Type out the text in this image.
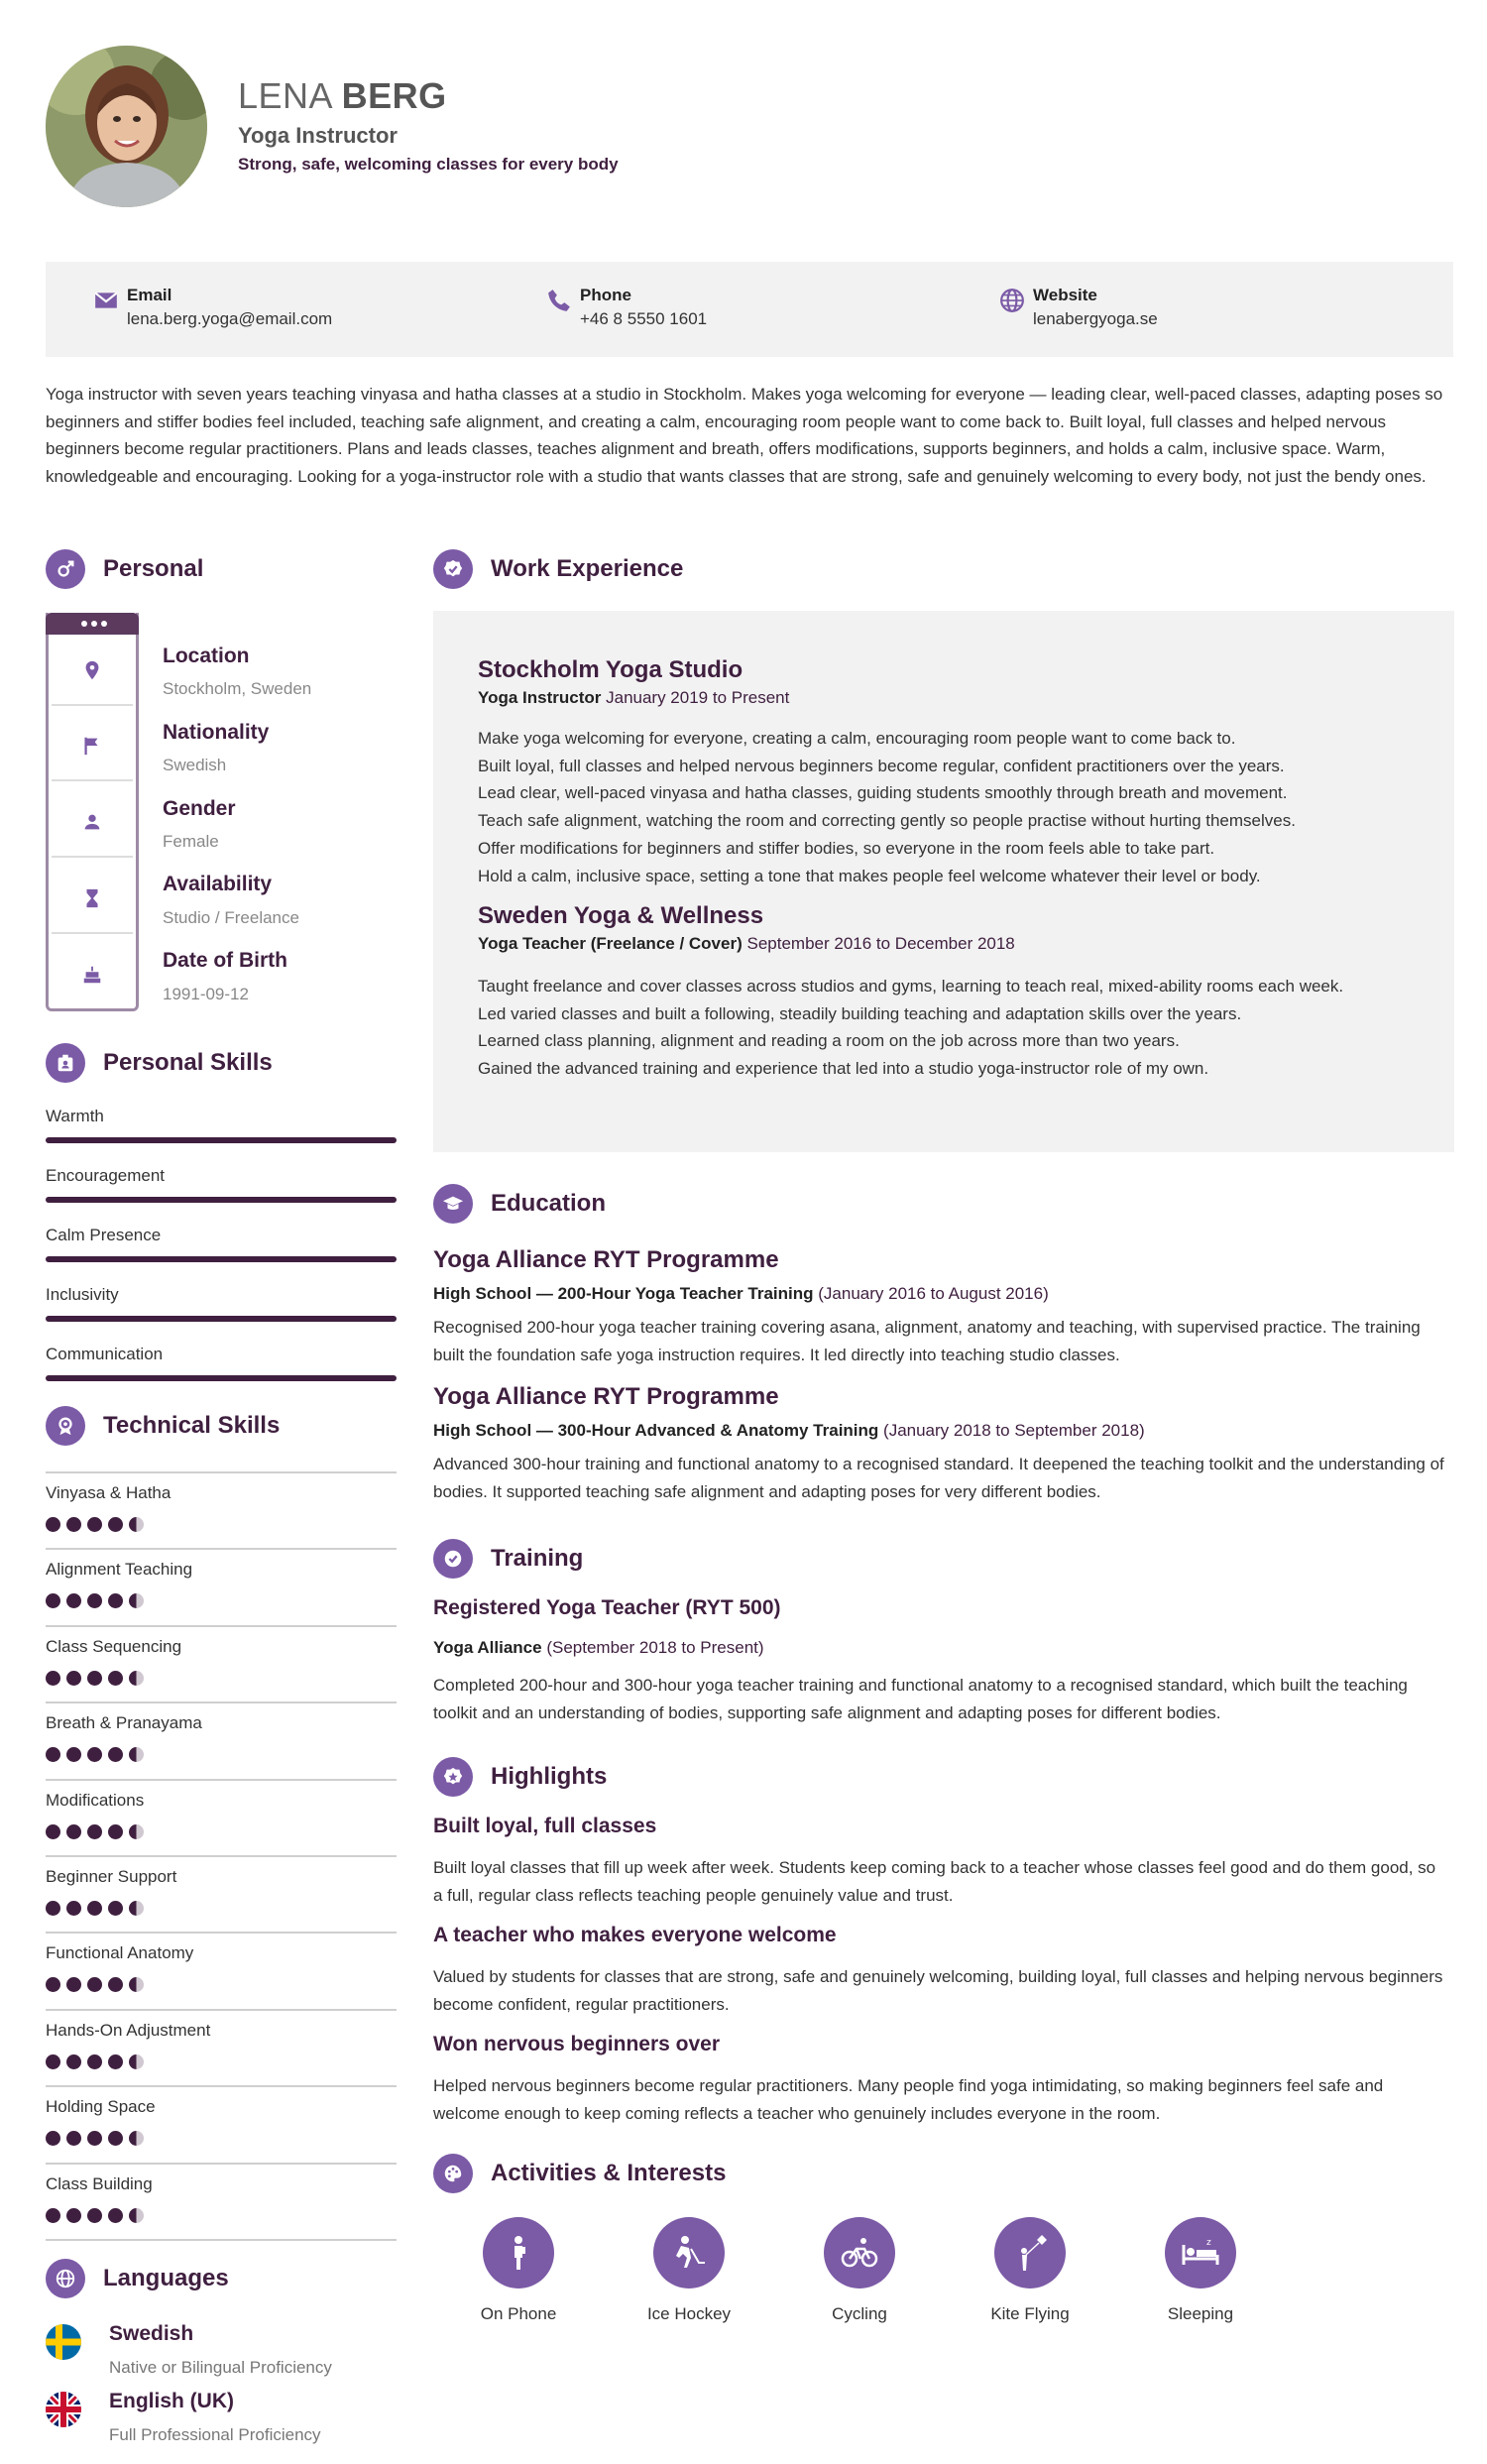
LENA BERG
Yoga Instructor
Strong, safe, welcoming classes for every body
Email
lena.berg.yoga@email.com
Phone
+46 8 5550 1601
Website
lenabergyoga.se
Yoga instructor with seven years teaching vinyasa and hatha classes at a studio in Stockholm. Makes yoga welcoming for everyone — leading clear, well-paced classes, adapting poses so beginners and stiffer bodies feel included, teaching safe alignment, and creating a calm, encouraging room people want to come back to. Built loyal, full classes and helped nervous beginners become regular practitioners. Plans and leads classes, teaches alignment and breath, offers modifications, supports beginners, and holds a calm, inclusive space. Warm, knowledgeable and encouraging. Looking for a yoga-instructor role with a studio that wants classes that are strong, safe and genuinely welcoming to every body, not just the bendy ones.
Personal
Location
Stockholm, Sweden
Nationality
Swedish
Gender
Female
Availability
Studio / Freelance
Date of Birth
1991-09-12
Personal Skills
Warmth
Encouragement
Calm Presence
Inclusivity
Communication
Technical Skills
Vinyasa & Hatha
Alignment Teaching
Class Sequencing
Breath & Pranayama
Modifications
Beginner Support
Functional Anatomy
Hands-On Adjustment
Holding Space
Class Building
Languages
Swedish
Native or Bilingual Proficiency
English (UK)
Full Professional Proficiency
Work Experience
Stockholm Yoga Studio
Yoga Instructor January 2019 to Present
Make yoga welcoming for everyone, creating a calm, encouraging room people want to come back to.
Built loyal, full classes and helped nervous beginners become regular, confident practitioners over the years.
Lead clear, well-paced vinyasa and hatha classes, guiding students smoothly through breath and movement.
Teach safe alignment, watching the room and correcting gently so people practise without hurting themselves.
Offer modifications for beginners and stiffer bodies, so everyone in the room feels able to take part.
Hold a calm, inclusive space, setting a tone that makes people feel welcome whatever their level or body.
Sweden Yoga & Wellness
Yoga Teacher (Freelance / Cover) September 2016 to December 2018
Taught freelance and cover classes across studios and gyms, learning to teach real, mixed-ability rooms each week.
Led varied classes and built a following, steadily building teaching and adaptation skills over the years.
Learned class planning, alignment and reading a room on the job across more than two years.
Gained the advanced training and experience that led into a studio yoga-instructor role of my own.
Education
Yoga Alliance RYT Programme
High School — 200-Hour Yoga Teacher Training (January 2016 to August 2016)
Recognised 200-hour yoga teacher training covering asana, alignment, anatomy and teaching, with supervised practice. The training built the foundation safe yoga instruction requires. It led directly into teaching studio classes.
Yoga Alliance RYT Programme
High School — 300-Hour Advanced & Anatomy Training (January 2018 to September 2018)
Advanced 300-hour training and functional anatomy to a recognised standard. It deepened the teaching toolkit and the understanding of bodies. It supported teaching safe alignment and adapting poses for very different bodies.
Training
Registered Yoga Teacher (RYT 500)
Yoga Alliance (September 2018 to Present)
Completed 200-hour and 300-hour yoga teacher training and functional anatomy to a recognised standard, which built the teaching toolkit and an understanding of bodies, supporting safe alignment and adapting poses for different bodies.
Highlights
Built loyal, full classes
Built loyal classes that fill up week after week. Students keep coming back to a teacher whose classes feel good and do them good, so a full, regular class reflects teaching people genuinely value and trust.
A teacher who makes everyone welcome
Valued by students for classes that are strong, safe and genuinely welcoming, building loyal, full classes and helping nervous beginners become confident, regular practitioners.
Won nervous beginners over
Helped nervous beginners become regular practitioners. Many people find yoga intimidating, so making beginners feel safe and welcome enough to keep coming reflects a teacher who genuinely includes everyone in the room.
Activities & Interests
On Phone	Ice Hockey	Cycling	Kite Flying
z
Sleeping
